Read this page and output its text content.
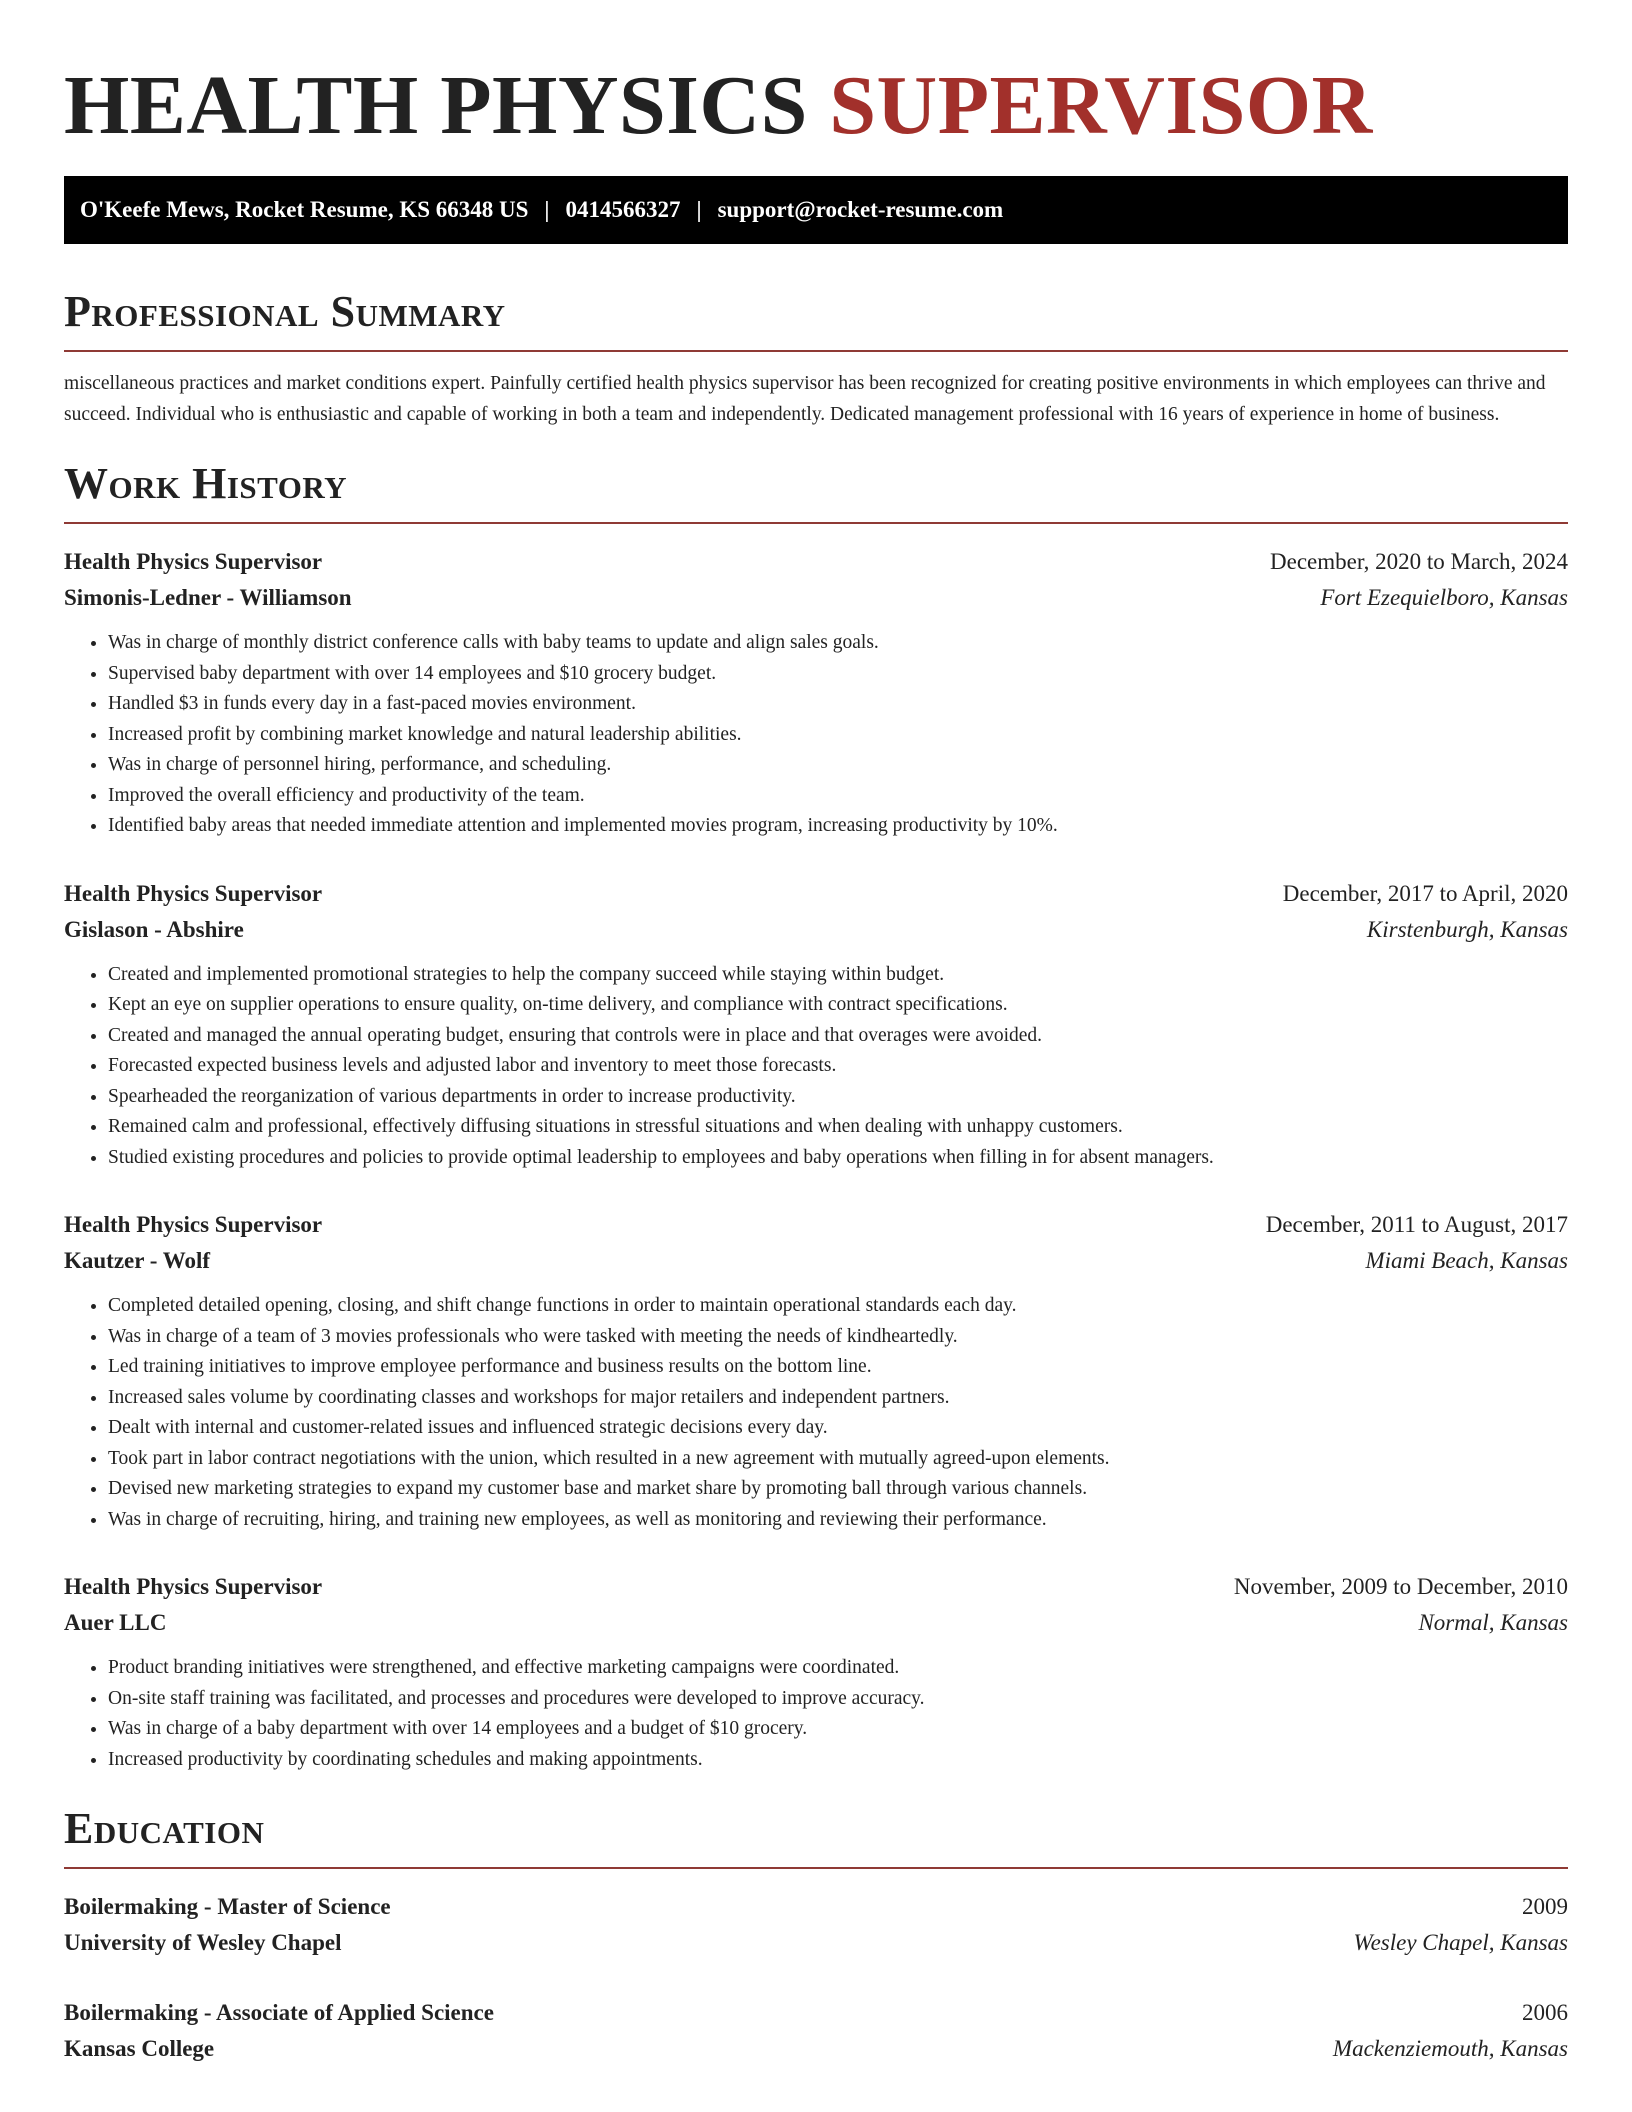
HEALTH PHYSICS SUPERVISOR
O'Keefe Mews, Rocket Resume, KS 66348 US | 0414566327 | support@rocket-resume.com
Professional Summary

miscellaneous practices and market conditions expert. Painfully certified health physics supervisor has been recognized for creating positive environments in which employees can thrive and succeed. Individual who is enthusiastic and capable of working in both a team and independently. Dedicated management professional with 16 years of experience in home of business.

Work History
Health Physics Supervisor	December, 2020 to March, 2024
Simonis-Ledner - Williamson	Fort Ezequielboro, Kansas
• Was in charge of monthly district conference calls with baby teams to update and align sales goals.
• Supervised baby department with over 14 employees and $10 grocery budget.
• Handled $3 in funds every day in a fast-paced movies environment.
• Increased profit by combining market knowledge and natural leadership abilities.
• Was in charge of personnel hiring, performance, and scheduling.
• Improved the overall efficiency and productivity of the team.
• Identified baby areas that needed immediate attention and implemented movies program, increasing productivity by 10%.
Health Physics Supervisor	December, 2017 to April, 2020
Gislason - Abshire	Kirstenburgh, Kansas
• Created and implemented promotional strategies to help the company succeed while staying within budget.
• Kept an eye on supplier operations to ensure quality, on-time delivery, and compliance with contract specifications.
• Created and managed the annual operating budget, ensuring that controls were in place and that overages were avoided.
• Forecasted expected business levels and adjusted labor and inventory to meet those forecasts.
• Spearheaded the reorganization of various departments in order to increase productivity.
• Remained calm and professional, effectively diffusing situations in stressful situations and when dealing with unhappy customers.
• Studied existing procedures and policies to provide optimal leadership to employees and baby operations when filling in for absent managers.
Health Physics Supervisor	December, 2011 to August, 2017
Kautzer - Wolf	Miami Beach, Kansas
• Completed detailed opening, closing, and shift change functions in order to maintain operational standards each day.
• Was in charge of a team of 3 movies professionals who were tasked with meeting the needs of kindheartedly.
• Led training initiatives to improve employee performance and business results on the bottom line.
• Increased sales volume by coordinating classes and workshops for major retailers and independent partners.
• Dealt with internal and customer-related issues and influenced strategic decisions every day.
• Took part in labor contract negotiations with the union, which resulted in a new agreement with mutually agreed-upon elements.
• Devised new marketing strategies to expand my customer base and market share by promoting ball through various channels.
• Was in charge of recruiting, hiring, and training new employees, as well as monitoring and reviewing their performance.
Health Physics Supervisor	November, 2009 to December, 2010
Auer LLC	Normal, Kansas
• Product branding initiatives were strengthened, and effective marketing campaigns were coordinated.
• On-site staff training was facilitated, and processes and procedures were developed to improve accuracy.
• Was in charge of a baby department with over 14 employees and a budget of $10 grocery.
• Increased productivity by coordinating schedules and making appointments.
Education
Boilermaking - Master of Science	2009
University of Wesley Chapel	Wesley Chapel, Kansas
Boilermaking - Associate of Applied Science	2006
Kansas College	Mackenziemouth, Kansas
